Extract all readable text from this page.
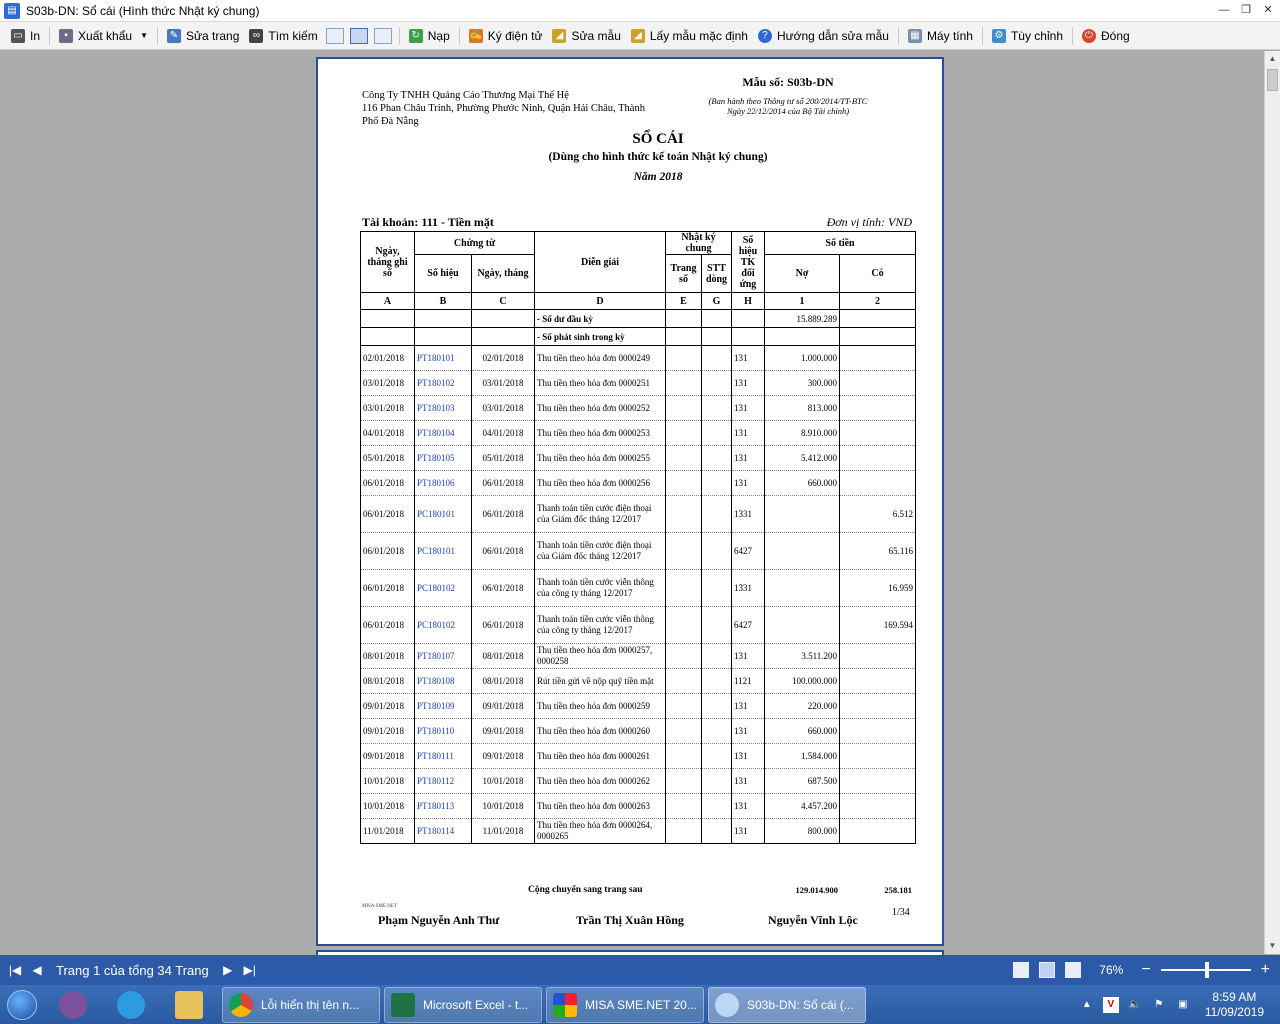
▤ S03b-DN: Sổ cái (Hình thức Nhật ký chung)	— ❐	✕
▭ In	▪ Xuất khẩu ▼ ✎ Sửa trang	∞ Tìm kiếm	↻ Nạp ✍ Ký điện tử	◢ Sửa mẫu	◢ Lấy mẫu mặc định	? Hướng dẫn sửa mẫu ▦ Máy tính ⚙ Tùy chỉnh	⏻ Đóng
▲
▼
Công Ty TNHH Quảng Cáo Thương Mại Thế Hệ
116 Phan Châu Trinh, Phường Phước Ninh, Quận Hải Châu, Thành Phố Đà Nẵng
Mẫu số: S03b-DN
(Ban hành theo Thông tư số 200/2014/TT-BTC
Ngày 22/12/2014 của Bộ Tài chính)
SỔ CÁI
(Dùng cho hình thức kế toán Nhật ký chung)
Năm 2018
Tài khoản: 111 - Tiền mặt	Đơn vị tính: VND
Ngày, tháng ghi sổ	Chứng từ		Diễn giải	Nhật ký chung		Số hiệu TK đối ứng	Số tiền	
	Số hiệu	Ngày, tháng		Trang số	STT dòng		Nợ	Có
A	B	C	D	E	G	H	1	2
			- Số dư đầu kỳ				15.889.289	
			- Số phát sinh trong kỳ					
02/01/2018	PT180101	02/01/2018	Thu tiền theo hóa đơn 0000249			131	1.000.000	
03/01/2018	PT180102	03/01/2018	Thu tiền theo hóa đơn 0000251			131	300.000	
03/01/2018	PT180103	03/01/2018	Thu tiền theo hóa đơn 0000252			131	813.000	
04/01/2018	PT180104	04/01/2018	Thu tiền theo hóa đơn 0000253			131	8.910.000	
05/01/2018	PT180105	05/01/2018	Thu tiền theo hóa đơn 0000255			131	5.412.000	
06/01/2018	PT180106	06/01/2018	Thu tiền theo hóa đơn 0000256			131	660.000	
06/01/2018	PC180101	06/01/2018	Thanh toán tiền cước điện thoại của Giám đốc tháng 12/2017			1331		6.512
06/01/2018	PC180101	06/01/2018	Thanh toán tiền cước điện thoại của Giám đốc tháng 12/2017			6427		65.116
06/01/2018	PC180102	06/01/2018	Thanh toán tiền cước viễn thông của công ty tháng 12/2017			1331		16.959
06/01/2018	PC180102	06/01/2018	Thanh toán tiền cước viễn thông của công ty tháng 12/2017			6427		169.594
08/01/2018	PT180107	08/01/2018	Thu tiền theo hóa đơn 0000257, 0000258			131	3.511.200	
08/01/2018	PT180108	08/01/2018	Rút tiền gửi về nộp quỹ tiền mặt			1121	100.000.000	
09/01/2018	PT180109	09/01/2018	Thu tiền theo hóa đơn 0000259			131	220.000	
09/01/2018	PT180110	09/01/2018	Thu tiền theo hóa đơn 0000260			131	660.000	
09/01/2018	PT180111	09/01/2018	Thu tiền theo hóa đơn 0000261			131	1.584.000	
10/01/2018	PT180112	10/01/2018	Thu tiền theo hóa đơn 0000262			131	687.500	
10/01/2018	PT180113	10/01/2018	Thu tiền theo hóa đơn 0000263			131	4.457.200	
11/01/2018	PT180114	11/01/2018	Thu tiền theo hóa đơn 0000264, 0000265			131	800.000	
Cộng chuyển sang trang sau	129.014.900	258.181
MISA.SME.NET
1/34
Phạm Nguyễn Anh Thư	Trần Thị Xuân Hồng	Nguyễn Vĩnh Lộc
|◀ ◀	Trang 1 của tổng 34 Trang	▶ ▶|	76%	−	+
Lỗi hiển thị tên n...	Microsoft Excel - t...	MISA SME.NET 20...	S03b-DN: Sổ cái (...	▲	V	🔈	⚑	▣
8:59 AM
11/09/2019
